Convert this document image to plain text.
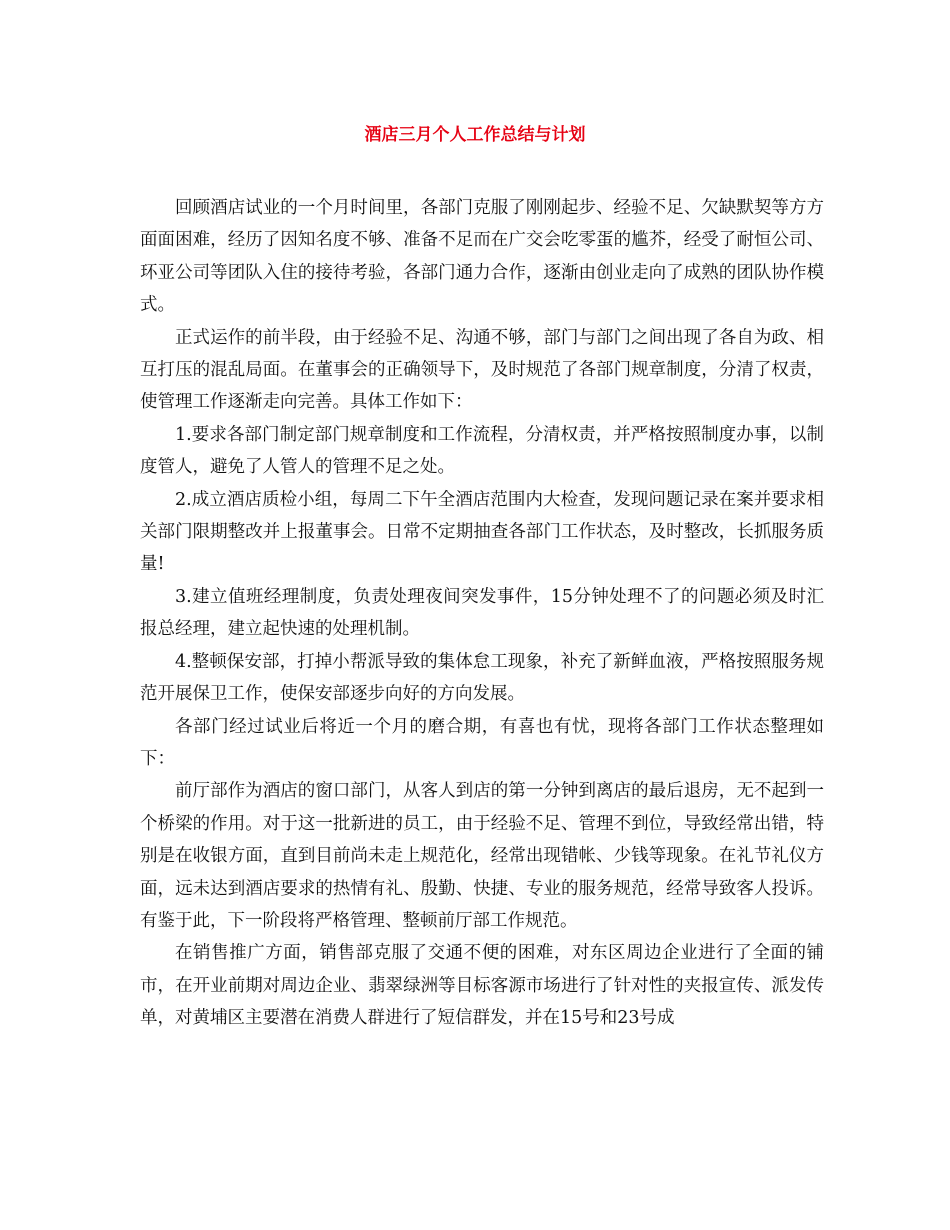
酒店三月个人工作总结与计划

回顾酒店试业的一个月时间里，各部门克服了刚刚起步、经验不足、欠缺默契等方方面面困难，经历了因知名度不够、准备不足而在广交会吃零蛋的尴芥，经受了耐恒公司、环亚公司等团队入住的接待考验，各部门通力合作，逐渐由创业走向了成熟的团队协作模式。

正式运作的前半段，由于经验不足、沟通不够，部门与部门之间出现了各自为政、相互打压的混乱局面。在董事会的正确领导下，及时规范了各部门规章制度，分清了权责，使管理工作逐渐走向完善。具体工作如下：

1.要求各部门制定部门规章制度和工作流程，分清权责，并严格按照制度办事，以制度管人，避免了人管人的管理不足之处。

2.成立酒店质检小组，每周二下午全酒店范围内大检查，发现问题记录在案并要求相关部门限期整改并上报董事会。日常不定期抽查各部门工作状态，及时整改，长抓服务质量!

3.建立值班经理制度，负责处理夜间突发事件，15分钟处理不了的问题必须及时汇报总经理，建立起快速的处理机制。

4.整顿保安部，打掉小帮派导致的集体怠工现象，补充了新鲜血液，严格按照服务规范开展保卫工作，使保安部逐步向好的方向发展。

各部门经过试业后将近一个月的磨合期，有喜也有忧，现将各部门工作状态整理如下：

前厅部作为酒店的窗口部门，从客人到店的第一分钟到离店的最后退房，无不起到一个桥梁的作用。对于这一批新进的员工，由于经验不足、管理不到位，导致经常出错，特别是在收银方面，直到目前尚未走上规范化，经常出现错帐、少钱等现象。在礼节礼仪方面，远未达到酒店要求的热情有礼、殷勤、快捷、专业的服务规范，经常导致客人投诉。有鉴于此，下一阶段将严格管理、整顿前厅部工作规范。

在销售推广方面，销售部克服了交通不便的困难，对东区周边企业进行了全面的铺市，在开业前期对周边企业、翡翠绿洲等目标客源市场进行了针对性的夹报宣传、派发传单，对黄埔区主要潜在消费人群进行了短信群发，并在15号和23号成
